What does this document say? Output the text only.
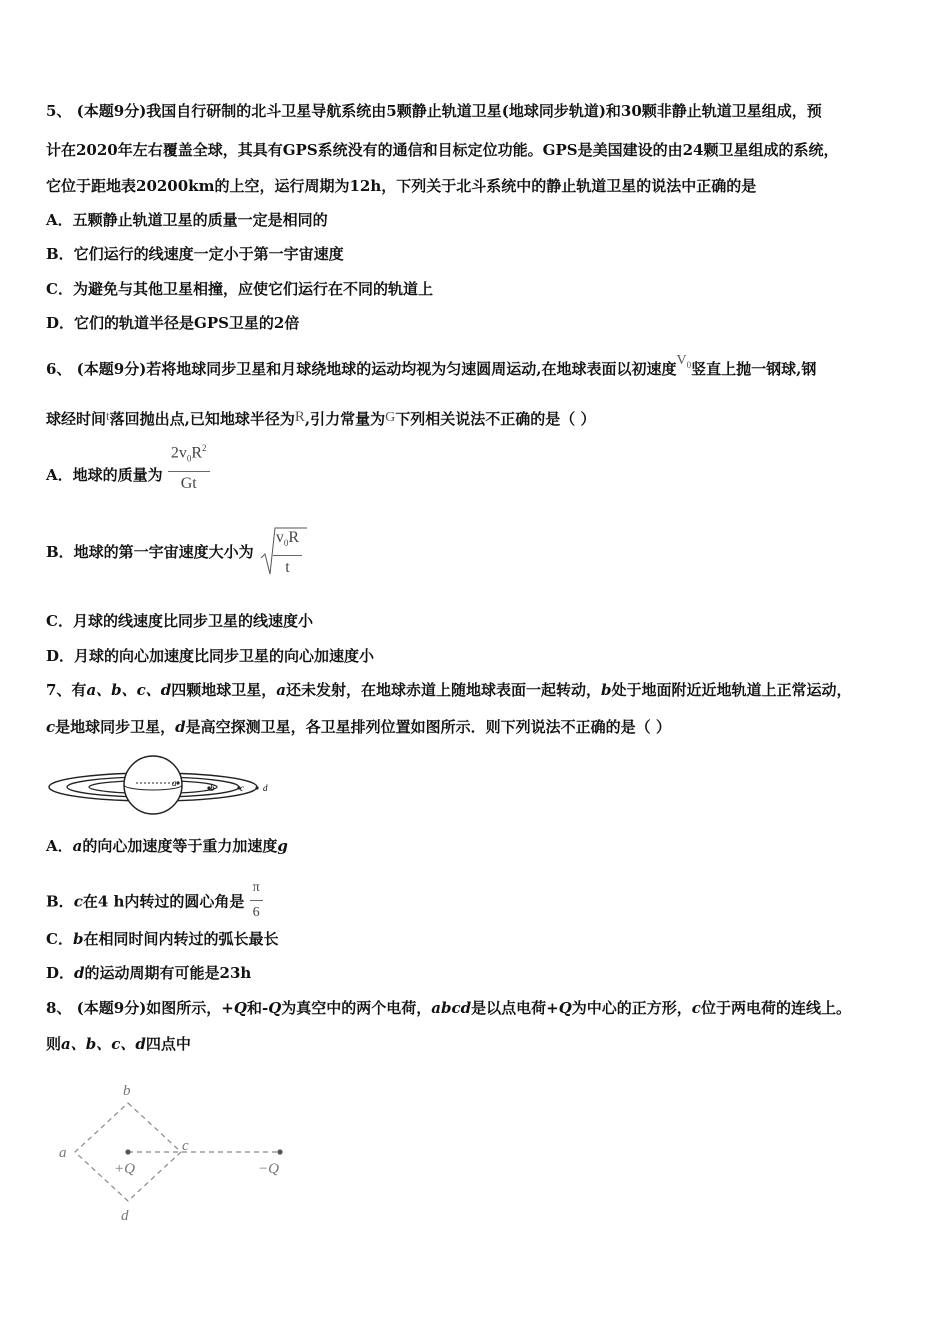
5、 (本题9分)我国自行研制的北斗卫星导航系统由5颗静止轨道卫星(地球同步轨道)和30颗非静止轨道卫星组成，预
计在2020年左右覆盖全球，其具有GPS系统没有的通信和目标定位功能。GPS是美国建设的由24颗卫星组成的系统，
它位于距地表20200km的上空，运行周期为12h，下列关于北斗系统中的静止轨道卫星的说法中正确的是
A．五颗静止轨道卫星的质量一定是相同的
B．它们运行的线速度一定小于第一宇宙速度
C．为避免与其他卫星相撞，应使它们运行在不同的轨道上
D．它们的轨道半径是GPS卫星的2倍
6、 (本题9分)若将地球同步卫星和月球绕地球的运动均视为匀速圆周运动,在地球表面以初速度$V_0$竖直上抛一钢球,钢
球经时间t落回抛出点,已知地球半径为R,引力常量为G下列相关说法不正确的是（ ）
A．地球的质量为 $\frac{2v_0R^2}{Gt}$
B．地球的第一宇宙速度大小为 $\frac{v_0R}{t}$
C．月球的线速度比同步卫星的线速度小
D．月球的向心加速度比同步卫星的向心加速度小
7、有a、b、c、d四颗地球卫星，a还未发射，在地球赤道上随地球表面一起转动，b处于地面附近近地轨道上正常运动，
c是地球同步卫星，d是高空探测卫星，各卫星排列位置如图所示．则下列说法不正确的是（ ）
a	b	c d
A．a的向心加速度等于重力加速度g
B．c在4 h内转过的圆心角是 $\frac{\pi}{6}$
C．b在相同时间内转过的弧长最长
D．d的运动周期有可能是23h
8、 (本题9分)如图所示，+Q和-Q为真空中的两个电荷，abcd是以点电荷+Q为中心的正方形，c位于两电荷的连线上。
则a、b、c、d四点中
b
a	c
d
+Q	−Q
